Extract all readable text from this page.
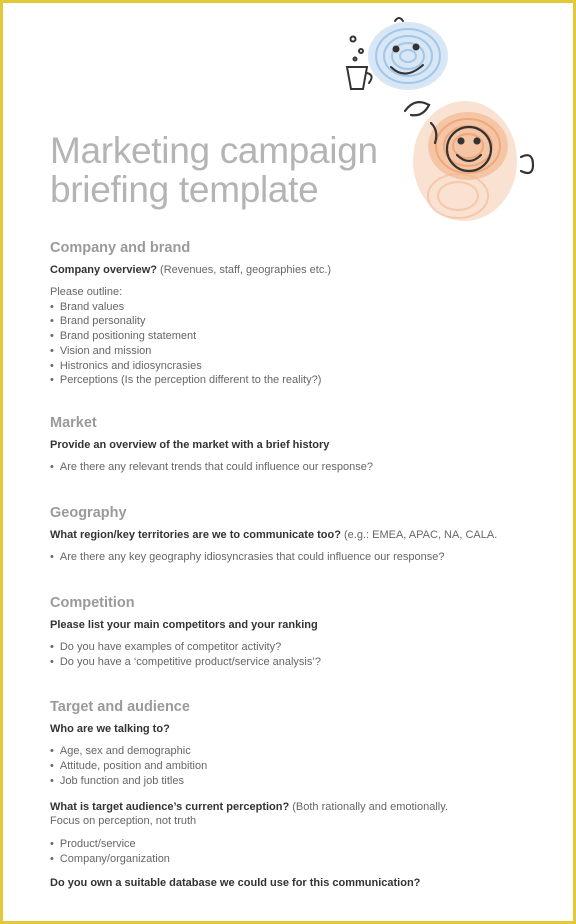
Marketing campaign
briefing template

Company and brand

Company overview? (Revenues, staff, geographies etc.)

Please outline:

• Brand values
• Brand personality
• Brand positioning statement
• Vision and mission
• Histronics and idiosyncrasies
• Perceptions (Is the perception different to the reality?)

Market

Provide an overview of the market with a brief history

• Are there any relevant trends that could influence our response?

Geography

What region/key territories are we to communicate too? (e.g.: EMEA, APAC, NA, CALA.

• Are there any key geography idiosyncrasies that could influence our response?

Competition

Please list your main competitors and your ranking

• Do you have examples of competitor activity?
• Do you have a ‘competitive product/service analysis’?

Target and audience

Who are we talking to?

• Age, sex and demographic
• Attitude, position and ambition
• Job function and job titles

What is target audience’s current perception? (Both rationally and emotionally.

Focus on perception, not truth

• Product/service
• Company/organization

Do you own a suitable database we could use for this communication?
